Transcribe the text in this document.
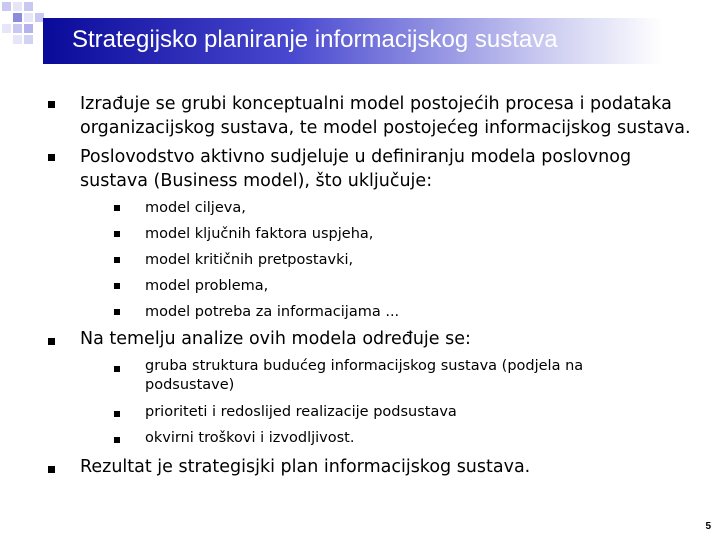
Strategijsko planiranje informacijskog sustava
Izrađuje se grubi konceptualni model postojećih procesa i podataka
organizacijskog sustava, te model postojećeg informacijskog sustava.
Poslovodstvo aktivno sudjeluje u definiranju modela poslovnog
sustava (Business model), što uključuje:
model ciljeva,
model ključnih faktora uspjeha,
model kritičnih pretpostavki,
model problema,
model potreba za informacijama ...
Na temelju analize ovih modela određuje se:
gruba struktura budućeg informacijskog sustava (podjela na
podsustave)
prioriteti i redoslijed realizacije podsustava
okvirni troškovi i izvodljivost.
Rezultat je strategisjki plan informacijskog sustava.
5
